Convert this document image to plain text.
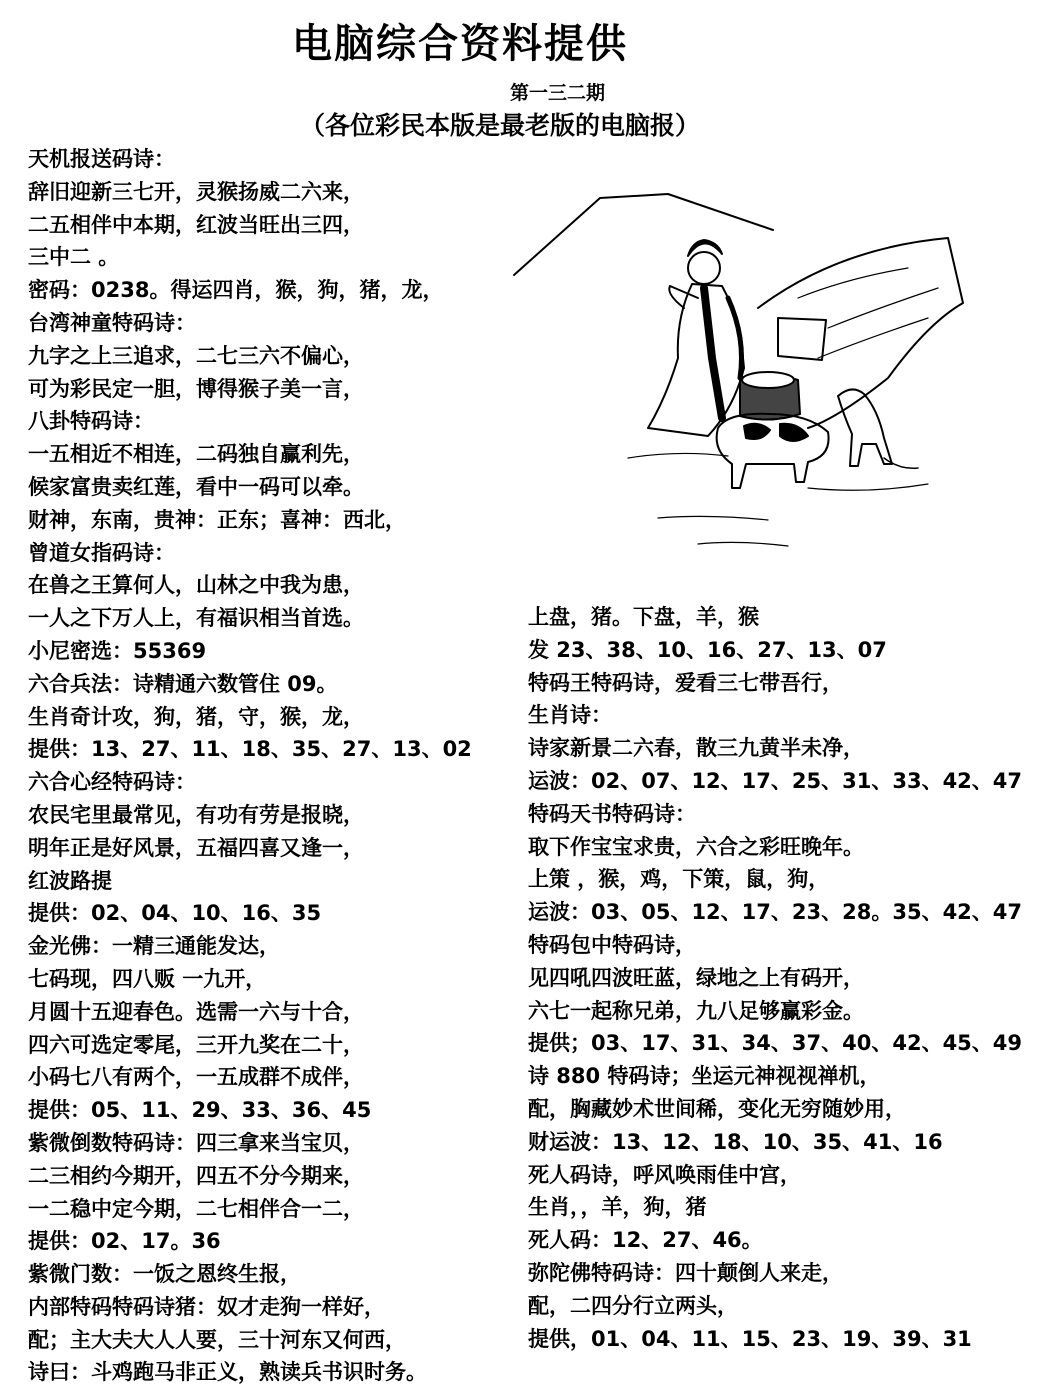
电脑综合资料提供
第一三二期
（各位彩民本版是最老版的电脑报）
天机报送码诗：
辞旧迎新三七开，灵猴扬威二六来，
二五相伴中本期，红波当旺出三四，
三中二 。
密码：0238。得运四肖，猴，狗，猪，龙，
台湾神童特码诗：
九字之上三追求，二七三六不偏心，
可为彩民定一胆，博得猴子美一言，
八卦特码诗：
一五相近不相连，二码独自赢利先，
候家富贵卖红莲，看中一码可以牵。
财神，东南，贵神：正东；喜神：西北，
曾道女指码诗：
在兽之王算何人，山林之中我为患，
一人之下万人上，有福识相当首选。
小尼密选：55369
六合兵法：诗精通六数管住 09。
生肖奇计攻，狗，猪，守，猴，龙，
提供：13、27、11、18、35、27、13、02
六合心经特码诗：
农民宅里最常见，有功有劳是报晓，
明年正是好风景，五福四喜又逢一，
红波路提
提供：02、04、10、16、35
金光佛：一精三通能发达，
七码现，四八贩 一九开，
月圆十五迎春色。选需一六与十合，
四六可选定零尾，三开九奖在二十，
小码七八有两个，一五成群不成伴，
提供：05、11、29、33、36、45
紫微倒数特码诗：四三拿来当宝贝，
二三相约今期开，四五不分今期来，
一二稳中定今期，二七相伴合一二，
提供：02、17。36
紫微门数：一饭之恩终生报，
内部特码特码诗猪：奴才走狗一样好，
配；主大夫大人人要，三十河东又何西，
诗曰：斗鸡跑马非正义，熟读兵书识时务。
上盘，猪。下盘，羊，猴
发 23、38、10、16、27、13、07
特码王特码诗，爱看三七带吾行，
生肖诗：
诗家新景二六春，散三九黄半未净，
运波：02、07、12、17、25、31、33、42、47
特码天书特码诗：
取下作宝宝求贵，六合之彩旺晚年。
上策 ，猴，鸡，下策，鼠，狗，
运波：03、05、12、17、23、28。35、42、47
特码包中特码诗，
见四吼四波旺蓝，绿地之上有码开，
六七一起称兄弟，九八足够赢彩金。
提供；03、17、31、34、37、40、42、45、49
诗 880 特码诗；坐运元神视视禅机，
配，胸藏妙术世间稀，变化无穷随妙用，
财运波：13、12、18、10、35、41、16
死人码诗，呼风唤雨佳中宫，
生肖，，羊，狗，猪
死人码：12、27、46。
弥陀佛特码诗：四十颠倒人来走，
配，二四分行立两头，
提供，01、04、11、15、23、19、39、31
